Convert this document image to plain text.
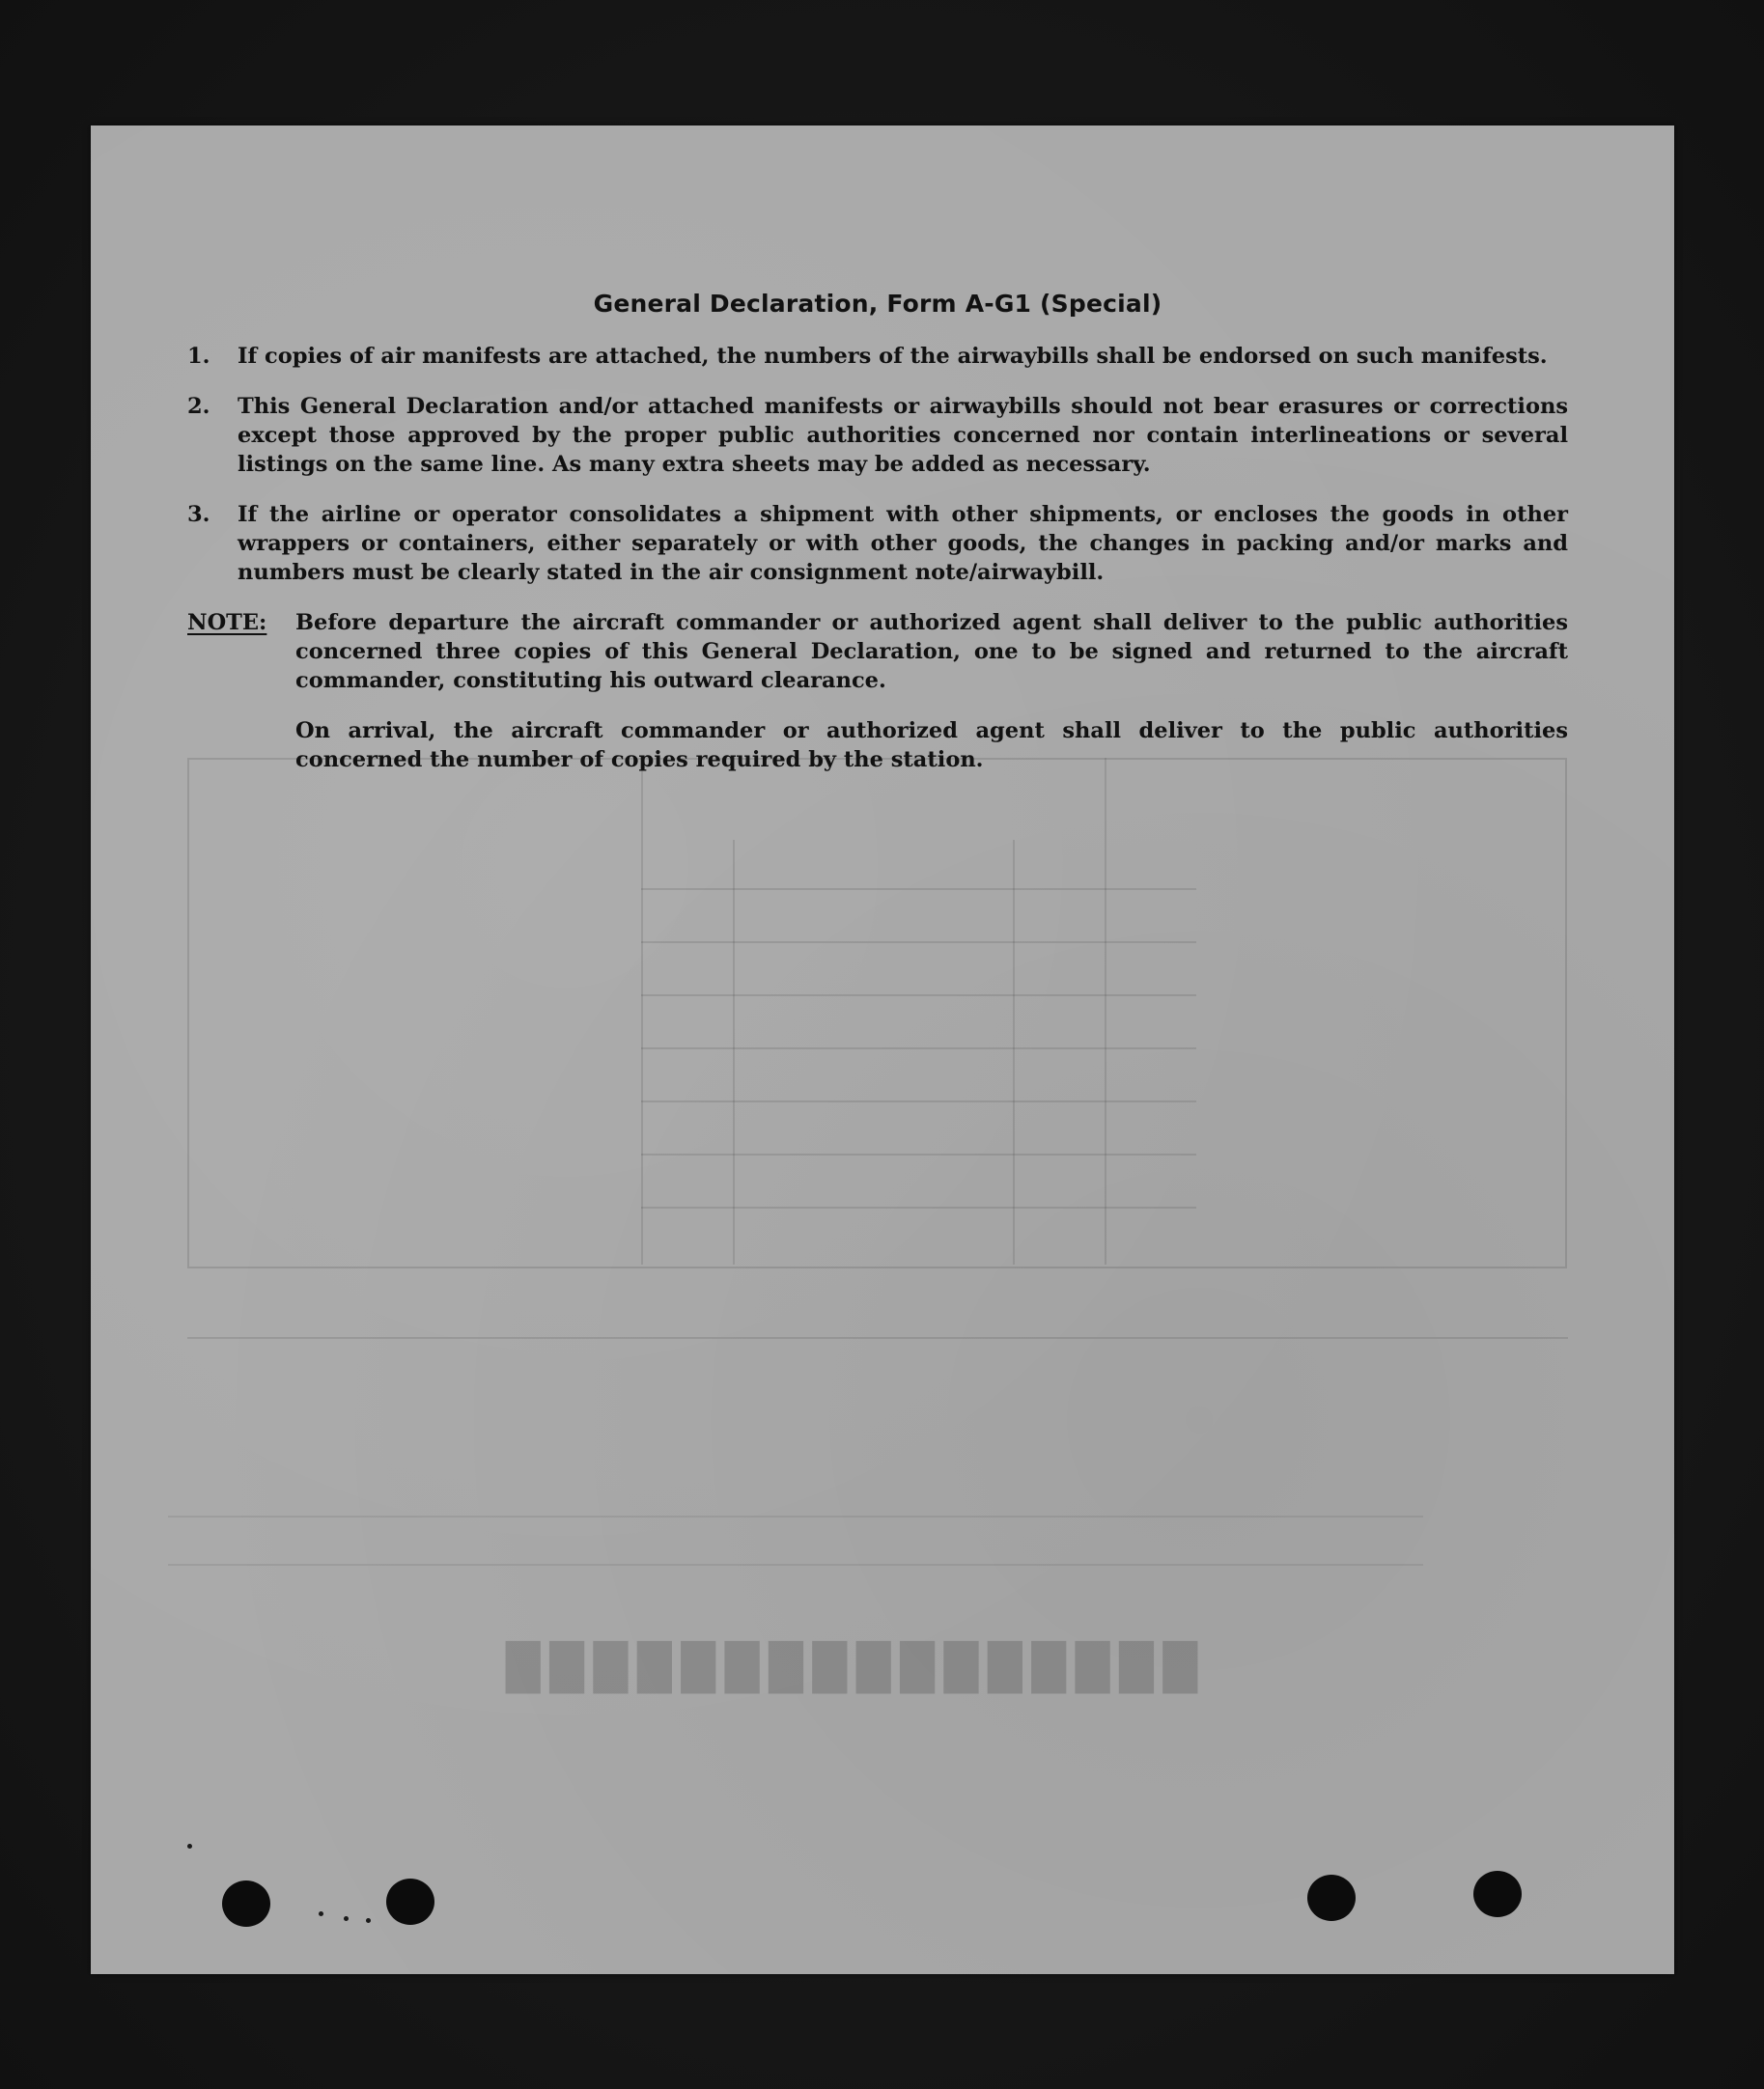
████████████████
General Declaration, Form A-G1 (Special)
1.	If copies of air manifests are attached, the numbers of the airwaybills shall be endorsed on such manifests.
2.	This General Declaration and/or attached manifests or airwaybills should not bear erasures or corrections except those approved by the proper public authorities concerned nor contain interlineations or several listings on the same line. As many extra sheets may be added as necessary.
3.	If the airline or operator consolidates a shipment with other shipments, or encloses the goods in other wrappers or containers, either separately or with other goods, the changes in packing and/or marks and numbers must be clearly stated in the air consignment note/airwaybill.
NOTE:	Before departure the aircraft commander or authorized agent shall deliver to the public authorities concerned three copies of this General Declaration, one to be signed and returned to the aircraft commander, constituting his outward clearance.
On arrival, the aircraft commander or authorized agent shall deliver to the public authorities concerned the number of copies required by the station.
